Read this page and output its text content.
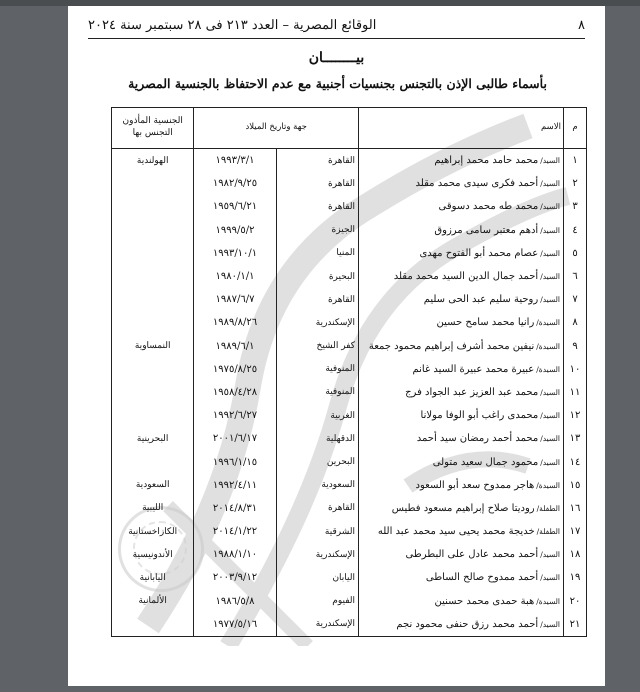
٨
الوقائع المصرية – العدد ٢١٣ فى ٢٨ سبتمبر سنة ٢٠٢٤
بيــــــــان
بأسماء طالبى الإذن بالتجنس بجنسيات أجنبية مع عدم الاحتفاظ بالجنسية المصرية
م	الاسم	جهة وتاريخ الميلاد		الجنسية المأذون التجنس بها
١	السيد/محمد حامد محمد إبراهيم	القاهرة	١٩٩٣/٣/١	الهولندية
٢	السيد/أحمد فكرى سيدى محمد مقلد	القاهرة	١٩٨٢/٩/٢٥	
٣	السيد/محمد طه محمد دسوقى	القاهرة	١٩٥٩/٦/٢١	
٤	السيد/أدهم معتبر سامى مرزوق	الجيزة	١٩٩٩/٥/٢	
٥	السيد/عصام محمد أبو الفتوح مهدى	المنيا	١٩٩٣/١٠/١	
٦	السيد/أحمد جمال الدين السيد محمد مقلد	البحيرة	١٩٨٠/١/١	
٧	السيد/روحية سليم عبد الحى سليم	القاهرة	١٩٨٧/٦/٧	
٨	السيدة/رانيا محمد سامح حسين	الإسكندرية	١٩٨٩/٨/٢٦	
٩	السيدة/نيفين محمد أشرف إبراهيم محمود جمعة	كفر الشيخ	١٩٨٩/٦/١	النمساوية
١٠	السيدة/عبيرة محمد عبيرة السيد غانم	المنوفية	١٩٧٥/٨/٢٥	
١١	السيد/محمد عبد العزيز عبد الجواد فرج	المنوفية	١٩٥٨/٤/٢٨	
١٢	السيد/محمدى راغب أبو الوفا مولانا	الغربية	١٩٩٢/٦/٢٧	
١٣	السيد/محمد أحمد رمضان سيد أحمد	الدقهلية	٢٠٠١/٦/١٧	البحرينية
١٤	السيد/محمود جمال سعيد متولى	البحرين	١٩٩٦/١/١٥	
١٥	السيدة/هاجر ممدوح سعد أبو السعود	السعودية	١٩٩٢/٤/١١	السعودية
١٦	الطفلة/روديتا صلاح إبراهيم مسعود فطيس	القاهرة	٢٠١٤/٨/٣١	الليبية
١٧	الطفلة/خديجة محمد يحيى سيد محمد عبد الله	الشرقية	٢٠١٤/١/٢٢	الكازاخستانية
١٨	السيد/أحمد محمد عادل على البطرطى	الإسكندرية	١٩٨٨/١/١٠	الأندونيسية
١٩	السيد/أحمد ممدوح صالح الساطى	اليابان	٢٠٠٣/٩/١٢	اليابانية
٢٠	السيدة/هبة حمدى محمد حسنين	الفيوم	١٩٨٦/٥/٨	الألمانية
٢١	السيد/أحمد محمد رزق حنفى محمود نجم	الإسكندرية	١٩٧٧/٥/١٦	
